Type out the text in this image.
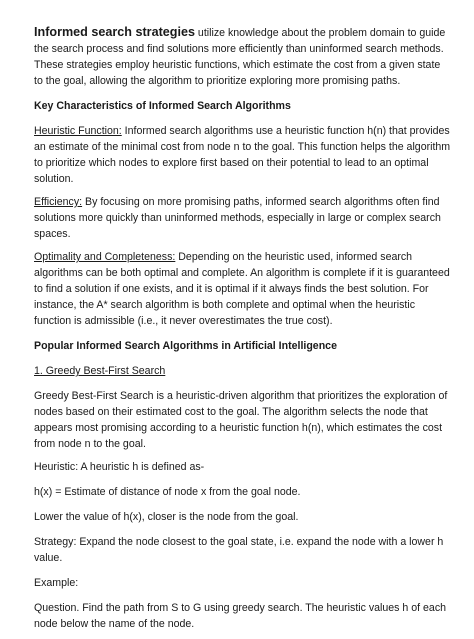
Informed search strategies utilize knowledge about the problem domain to guide the search process and find solutions more efficiently than uninformed search methods. These strategies employ heuristic functions, which estimate the cost from a given state to the goal, allowing the algorithm to prioritize exploring more promising paths.

Key Characteristics of Informed Search Algorithms

Heuristic Function: Informed search algorithms use a heuristic function h(n) that provides an estimate of the minimal cost from node n to the goal. This function helps the algorithm to prioritize which nodes to explore first based on their potential to lead to an optimal solution.

Efficiency: By focusing on more promising paths, informed search algorithms often find solutions more quickly than uninformed methods, especially in large or complex search spaces.

Optimality and Completeness: Depending on the heuristic used, informed search algorithms can be both optimal and complete. An algorithm is complete if it is guaranteed to find a solution if one exists, and it is optimal if it always finds the best solution. For instance, the A* search algorithm is both complete and optimal when the heuristic function is admissible (i.e., it never overestimates the true cost).

Popular Informed Search Algorithms in Artificial Intelligence

1. Greedy Best-First Search

Greedy Best-First Search is a heuristic-driven algorithm that prioritizes the exploration of nodes based on their estimated cost to the goal. The algorithm selects the node that appears most promising according to a heuristic function h(n), which estimates the cost from node n to the goal.

Heuristic: A heuristic h is defined as-

h(x) = Estimate of distance of node x from the goal node.

Lower the value of h(x), closer is the node from the goal.

Strategy: Expand the node closest to the goal state, i.e. expand the node with a lower h value.

Example:

Question. Find the path from S to G using greedy search. The heuristic values h of each node below the name of the node.
